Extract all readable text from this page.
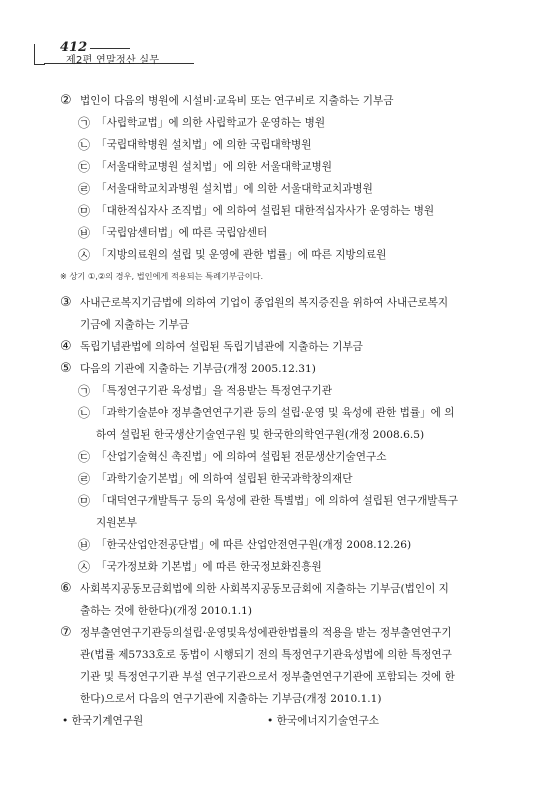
412
제2편 연말정산 실무
② 법인이 다음의 병원에 시설비·교육비 또는 연구비로 지출하는 기부금
㉠ 「사립학교법」에 의한 사립학교가 운영하는 병원
㉡ 「국립대학병원 설치법」에 의한 국립대학병원
㉢ 「서울대학교병원 설치법」에 의한 서울대학교병원
㉣ 「서울대학교치과병원 설치법」에 의한 서울대학교치과병원
㉤ 「대한적십자사 조직법」에 의하여 설립된 대한적십자사가 운영하는 병원
㉥ 「국립암센터법」에 따른 국립암센터
㉦ 「지방의료원의 설립 및 운영에 관한 법률」에 따른 지방의료원
※ 상기 ①,②의 경우, 법인에게 적용되는 특례기부금이다.
③ 사내근로복지기금법에 의하여 기업이 종업원의 복지증진을 위하여 사내근로복지
기금에 지출하는 기부금
④ 독립기념관법에 의하여 설립된 독립기념관에 지출하는 기부금
⑤ 다음의 기관에 지출하는 기부금(개정 2005.12.31)
㉠ 「특정연구기관 육성법」을 적용받는 특정연구기관
㉡ 「과학기술분야 정부출연연구기관 등의 설립·운영 및 육성에 관한 법률」에 의
하여 설립된 한국생산기술연구원 및 한국한의학연구원(개정 2008.6.5)
㉢ 「산업기술혁신 촉진법」에 의하여 설립된 전문생산기술연구소
㉣ 「과학기술기본법」에 의하여 설립된 한국과학창의재단
㉤ 「대덕연구개발특구 등의 육성에 관한 특별법」에 의하여 설립된 연구개발특구
지원본부
㉥ 「한국산업안전공단법」에 따른 산업안전연구원(개정 2008.12.26)
㉦ 「국가정보화 기본법」에 따른 한국정보화진흥원
⑥ 사회복지공동모금회법에 의한 사회복지공동모금회에 지출하는 기부금(법인이 지
출하는 것에 한한다)(개정 2010.1.1)
⑦ 정부출연연구기관등의설립·운영및육성에관한법률의 적용을 받는 정부출연연구기
관(법률 제5733호로 동법이 시행되기 전의 특정연구기관육성법에 의한 특정연구
기관 및 특정연구기관 부설 연구기관으로서 정부출연연구기관에 포함되는 것에 한
한다)으로서 다음의 연구기관에 지출하는 기부금(개정 2010.1.1)
• 한국기계연구원	• 한국에너지기술연구소
